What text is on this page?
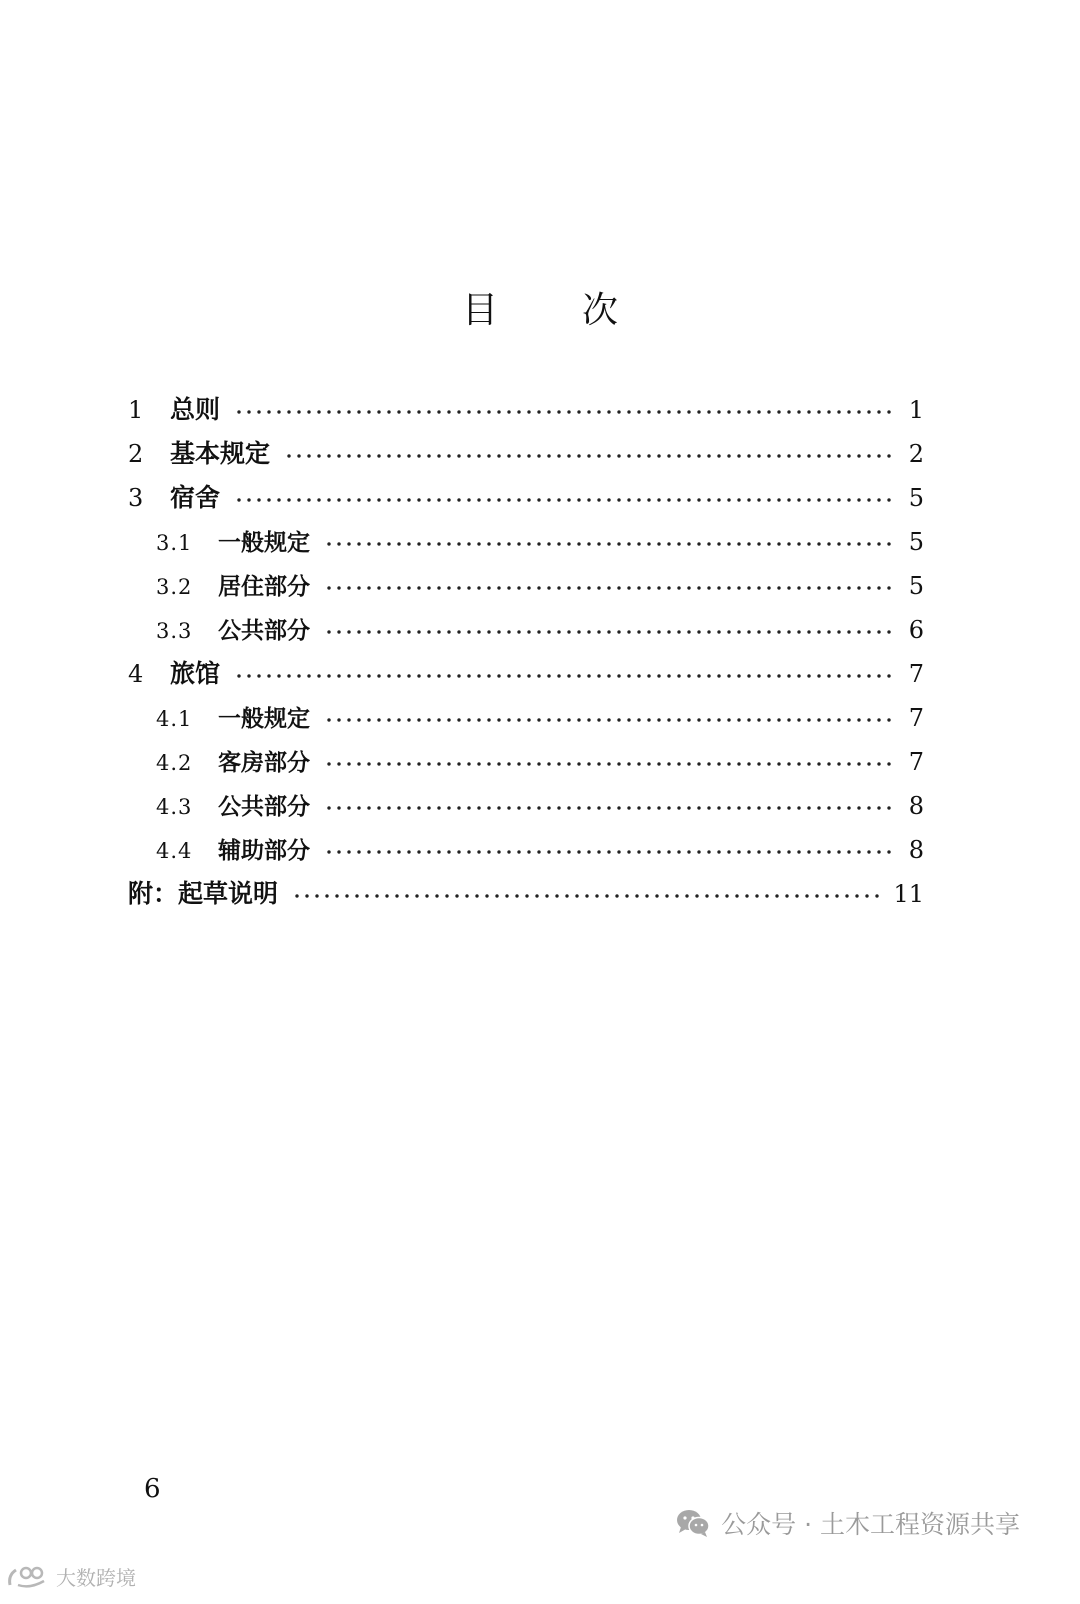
目 次
1	总则	1
2	基本规定	2
3	宿舍	5
3.1	一般规定	5
3.2	居住部分	5
3.3	公共部分	6
4	旅馆	7
4.1	一般规定	7
4.2	客房部分	7
4.3	公共部分	8
4.4	辅助部分	8
附：起草说明	11
6
公众号 · 土木工程资源共享
大数跨境
